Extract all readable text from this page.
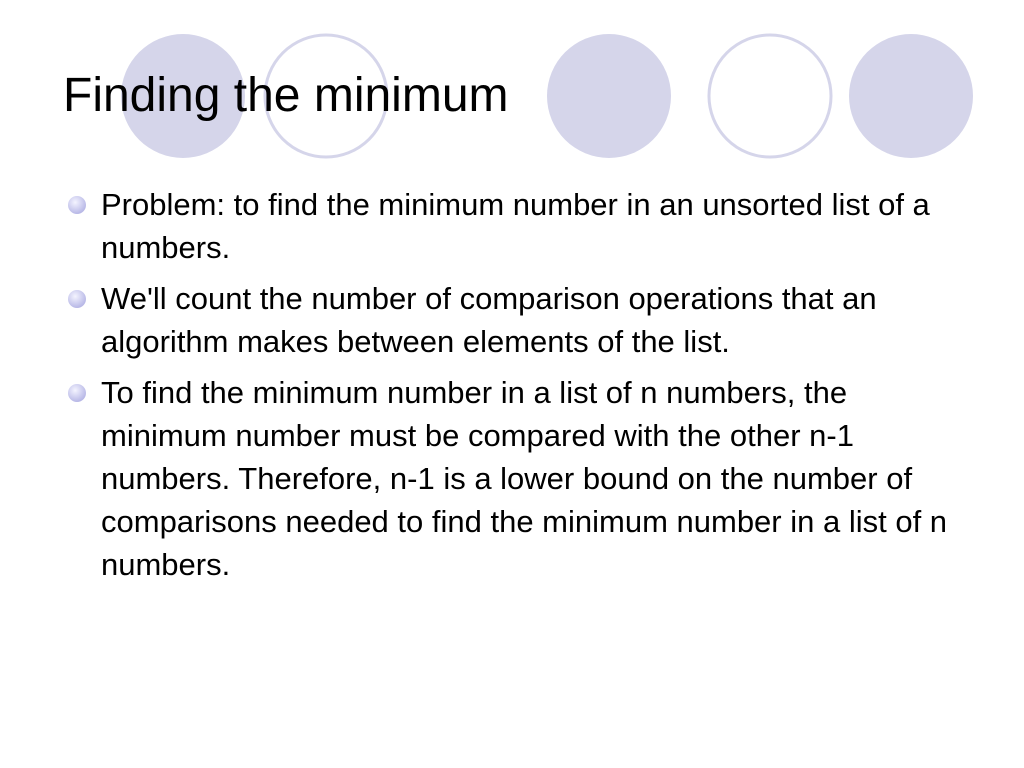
Finding the minimum
Problem: to find the minimum number in an unsorted list of a numbers.
We'll count the number of comparison operations that an algorithm makes between elements of the list.
To find the minimum number in a list of n numbers, the minimum number must be compared with the other n-1 numbers. Therefore, n-1 is a lower bound on the number of comparisons needed to find the minimum number in a list of n numbers.
